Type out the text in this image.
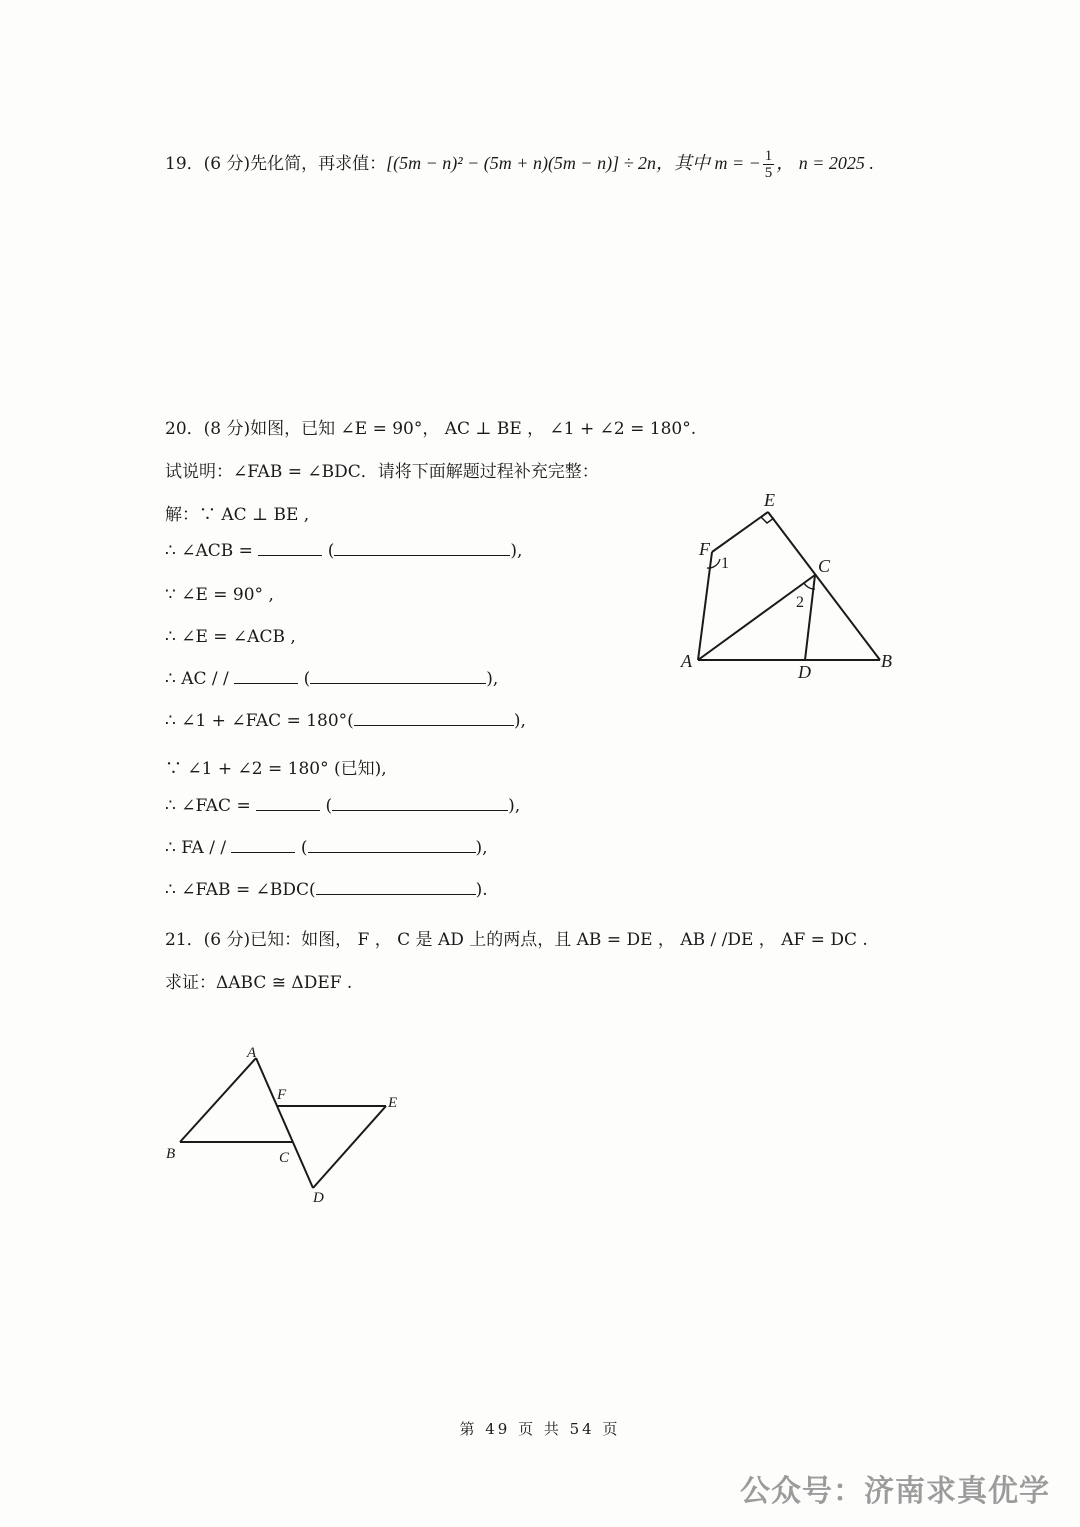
19．(6 分)先化简，再求值：[(5m − n)² − (5m + n)(5m − n)] ÷ 2n，其中 m = − $\frac{1}{5}$ ， n = 2025 .
20．(8 分)如图，已知 ∠E = 90°， AC ⊥ BE ， ∠1 + ∠2 = 180°.
试说明：∠FAB = ∠BDC．请将下面解题过程补充完整：
解：∵ AC ⊥ BE ,
∴ ∠ACB =	(	),
∵ ∠E = 90° ,
∴ ∠E = ∠ACB ,
∴ AC / /	(	),
∴ ∠1 + ∠FAC = 180°(	),
∵ ∠1 + ∠2 = 180° (已知),
∴ ∠FAC =	(	),
∴ FA / /	(	),
∴ ∠FAB = ∠BDC(	).
E
F
1	C
2
A
D
B
21．(6 分)已知：如图， F ， C 是 AD 上的两点，且 AB = DE ， AB / /DE ， AF = DC .
求证：ΔABC ≅ ΔDEF .
A
F	E
B	C
D
第 49 页 共 54 页
公众号：济南求真优学
